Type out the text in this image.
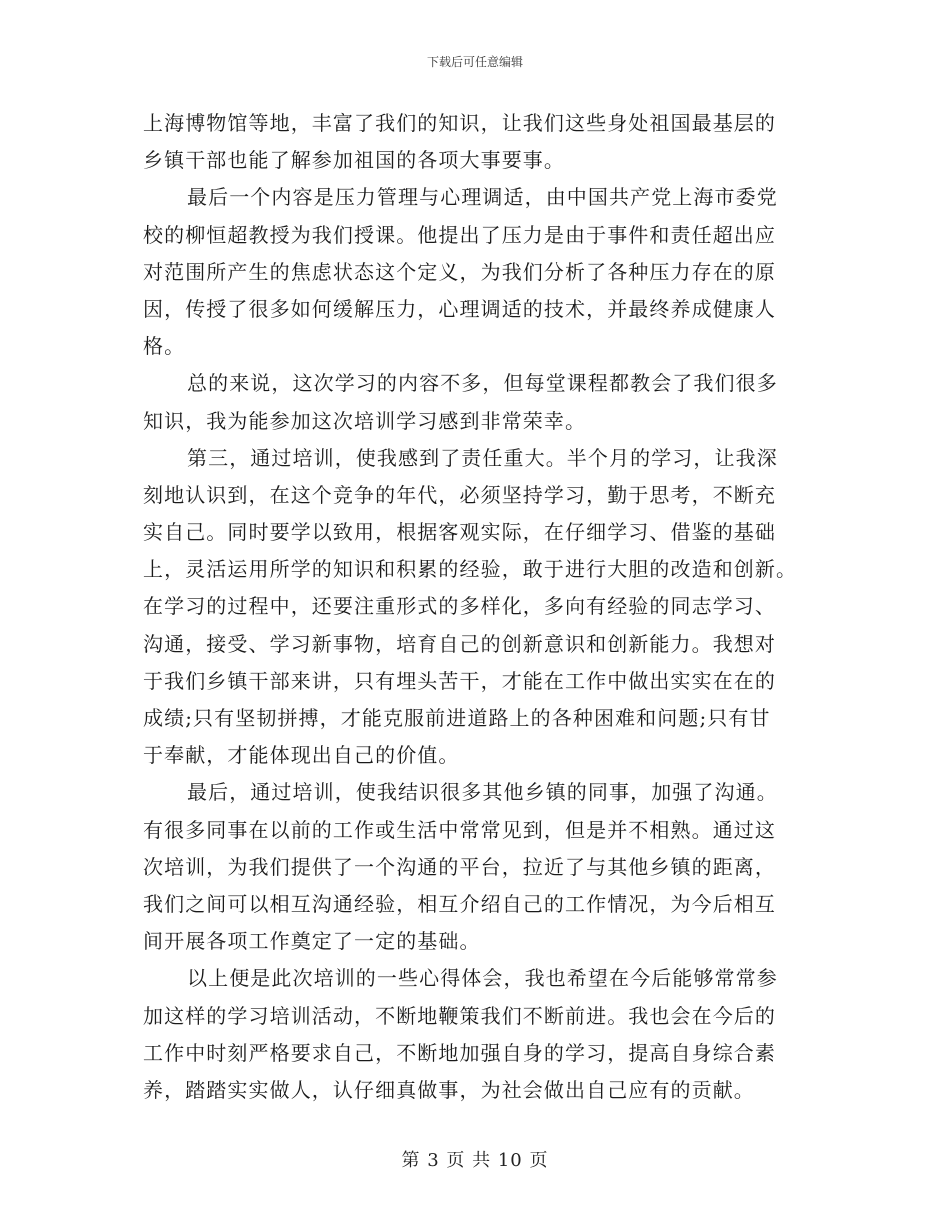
下载后可任意编辑
上海博物馆等地，丰富了我们的知识，让我们这些身处祖国最基层的
乡镇干部也能了解参加祖国的各项大事要事。
最后一个内容是压力管理与心理调适，由中国共产党上海市委党
校的柳恒超教授为我们授课。他提出了压力是由于事件和责任超出应
对范围所产生的焦虑状态这个定义，为我们分析了各种压力存在的原
因，传授了很多如何缓解压力，心理调适的技术，并最终养成健康人
格。
总的来说，这次学习的内容不多，但每堂课程都教会了我们很多
知识，我为能参加这次培训学习感到非常荣幸。
第三，通过培训，使我感到了责任重大。半个月的学习，让我深
刻地认识到，在这个竞争的年代，必须坚持学习，勤于思考，不断充
实自己。同时要学以致用，根据客观实际，在仔细学习、借鉴的基础
上，灵活运用所学的知识和积累的经验，敢于进行大胆的改造和创新。
在学习的过程中，还要注重形式的多样化，多向有经验的同志学习、
沟通，接受、学习新事物，培育自己的创新意识和创新能力。我想对
于我们乡镇干部来讲，只有埋头苦干，才能在工作中做出实实在在的
成绩;只有坚韧拼搏，才能克服前进道路上的各种困难和问题;只有甘
于奉献，才能体现出自己的价值。
最后，通过培训，使我结识很多其他乡镇的同事，加强了沟通。
有很多同事在以前的工作或生活中常常见到，但是并不相熟。通过这
次培训，为我们提供了一个沟通的平台，拉近了与其他乡镇的距离，
我们之间可以相互沟通经验，相互介绍自己的工作情况，为今后相互
间开展各项工作奠定了一定的基础。
以上便是此次培训的一些心得体会，我也希望在今后能够常常参
加这样的学习培训活动，不断地鞭策我们不断前进。我也会在今后的
工作中时刻严格要求自己，不断地加强自身的学习，提高自身综合素
养，踏踏实实做人，认仔细真做事，为社会做出自己应有的贡献。
第 3 页 共 10 页
